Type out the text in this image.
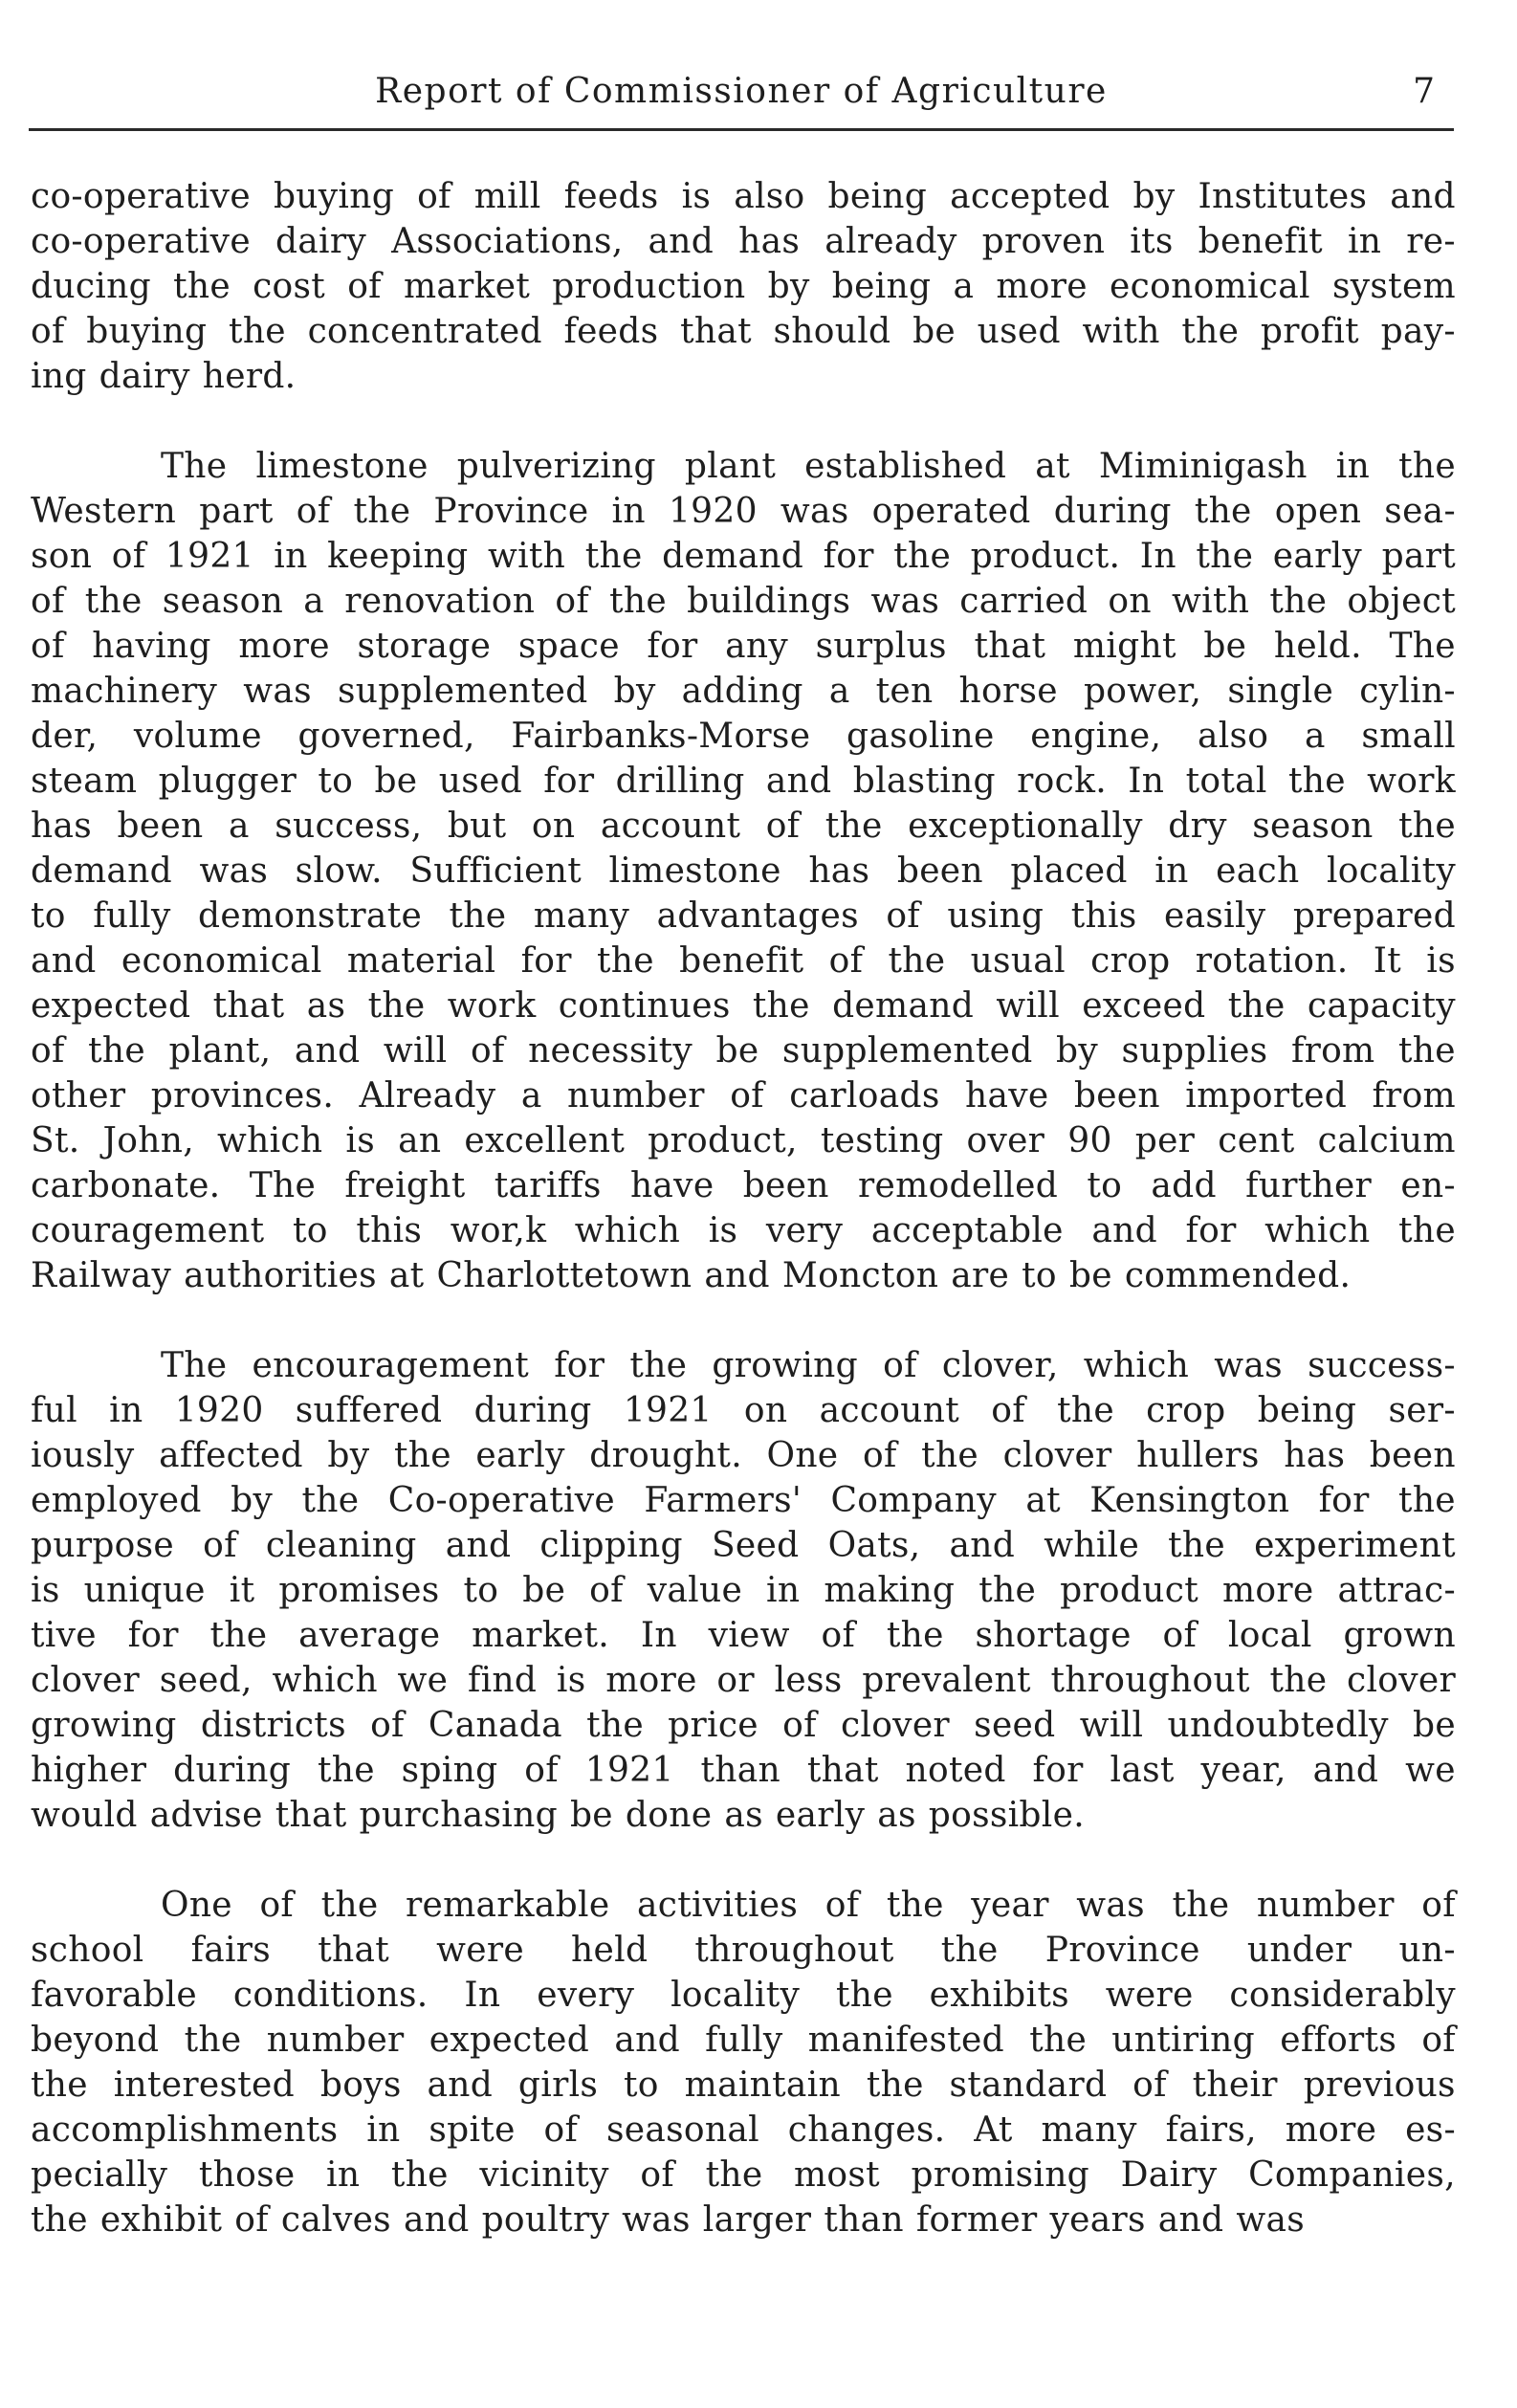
Report of Commissioner of Agriculture	7
co-operative buying of mill feeds is also being accepted by Institutes and
co-operative dairy Associations, and has already proven its benefit in re-
ducing the cost of market production by being a more economical system
of buying the concentrated feeds that should be used with the profit pay-
ing dairy herd.
The limestone pulverizing plant established at Miminigash in the
Western part of the Province in 1920 was operated during the open sea-
son of 1921 in keeping with the demand for the product. In the early part
of the season a renovation of the buildings was carried on with the object
of having more storage space for any surplus that might be held. The
machinery was supplemented by adding a ten horse power, single cylin-
der, volume governed, Fairbanks-Morse gasoline engine, also a small
steam plugger to be used for drilling and blasting rock. In total the work
has been a success, but on account of the exceptionally dry season the
demand was slow. Sufficient limestone has been placed in each locality
to fully demonstrate the many advantages of using this easily prepared
and economical material for the benefit of the usual crop rotation. It is
expected that as the work continues the demand will exceed the capacity
of the plant, and will of necessity be supplemented by supplies from the
other provinces. Already a number of carloads have been imported from
St. John, which is an excellent product, testing over 90 per cent calcium
carbonate. The freight tariffs have been remodelled to add further en-
couragement to this wor,k which is very acceptable and for which the
Railway authorities at Charlottetown and Moncton are to be commended.
The encouragement for the growing of clover, which was success-
ful in 1920 suffered during 1921 on account of the crop being ser-
iously affected by the early drought. One of the clover hullers has been
employed by the Co-operative Farmers' Company at Kensington for the
purpose of cleaning and clipping Seed Oats, and while the experiment
is unique it promises to be of value in making the product more attrac-
tive for the average market. In view of the shortage of local grown
clover seed, which we find is more or less prevalent throughout the clover
growing districts of Canada the price of clover seed will undoubtedly be
higher during the sping of 1921 than that noted for last year, and we
would advise that purchasing be done as early as possible.
One of the remarkable activities of the year was the number of
school fairs that were held throughout the Province under un-
favorable conditions. In every locality the exhibits were considerably
beyond the number expected and fully manifested the untiring efforts of
the interested boys and girls to maintain the standard of their previous
accomplishments in spite of seasonal changes. At many fairs, more es-
pecially those in the vicinity of the most promising Dairy Companies,
the exhibit of calves and poultry was larger than former years and was
